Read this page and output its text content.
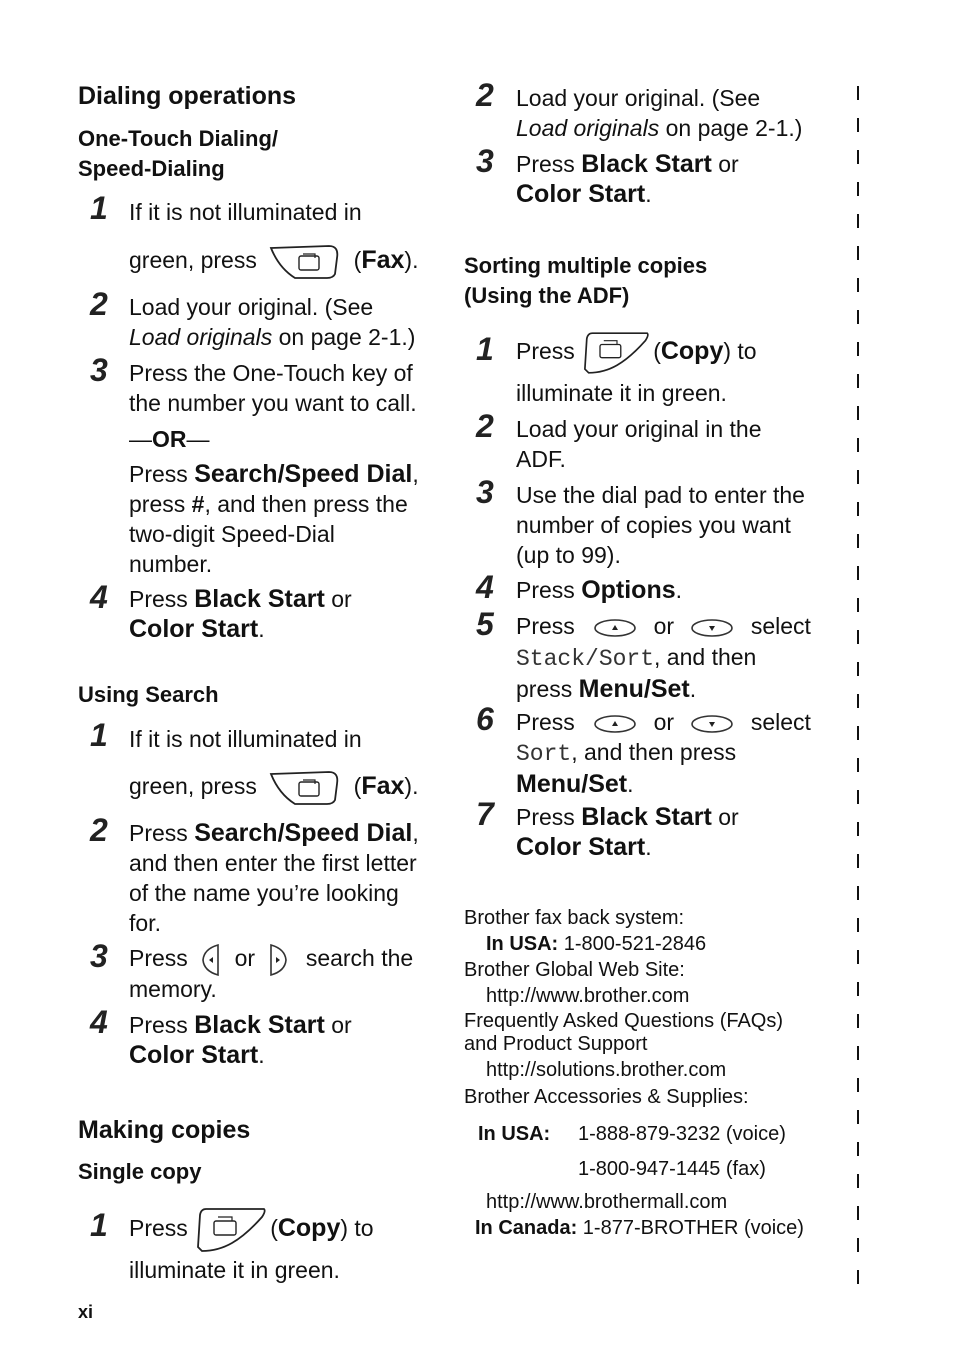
Dialing operations
One-Touch Dialing/
Speed-Dialing
1 If it is not illuminated in
green, press	(Fax).
2 Load your original. (See
Load originals on page 2-1.)
3 Press the One-Touch key of
the number you want to call.
—OR—
Press Search/Speed Dial,
press #, and then press the
two-digit Speed-Dial
number.
4 Press Black Start or
Color Start.
Using Search
1 If it is not illuminated in
green, press	(Fax).
2 Press Search/Speed Dial,
and then enter the first letter
of the name you’re looking
for.
3 Press or search the
memory.
4 Press Black Start or
Color Start.
Making copies
Single copy
1 Press	(Copy) to
illuminate it in green.
xi
2 Load your original. (See
Load originals on page 2-1.)
3 Press Black Start or
Color Start.
Sorting multiple copies
(Using the ADF)
1 Press	(Copy) to
illuminate it in green.
2 Load your original in the
ADF.
3 Use the dial pad to enter the
number of copies you want
(up to 99).
4 Press Options.
5 Press	or	select
Stack/Sort, and then
press Menu/Set.
6 Press	or	select
Sort, and then press
Menu/Set.
7 Press Black Start or
Color Start.
Brother fax back system:
In USA: 1-800-521-2846
Brother Global Web Site:
http://www.brother.com
Frequently Asked Questions (FAQs)
and Product Support
http://solutions.brother.com
Brother Accessories & Supplies:
In USA: 1-888-879-3232 (voice)
1-800-947-1445 (fax)
http://www.brothermall.com
In Canada: 1-877-BROTHER (voice)
